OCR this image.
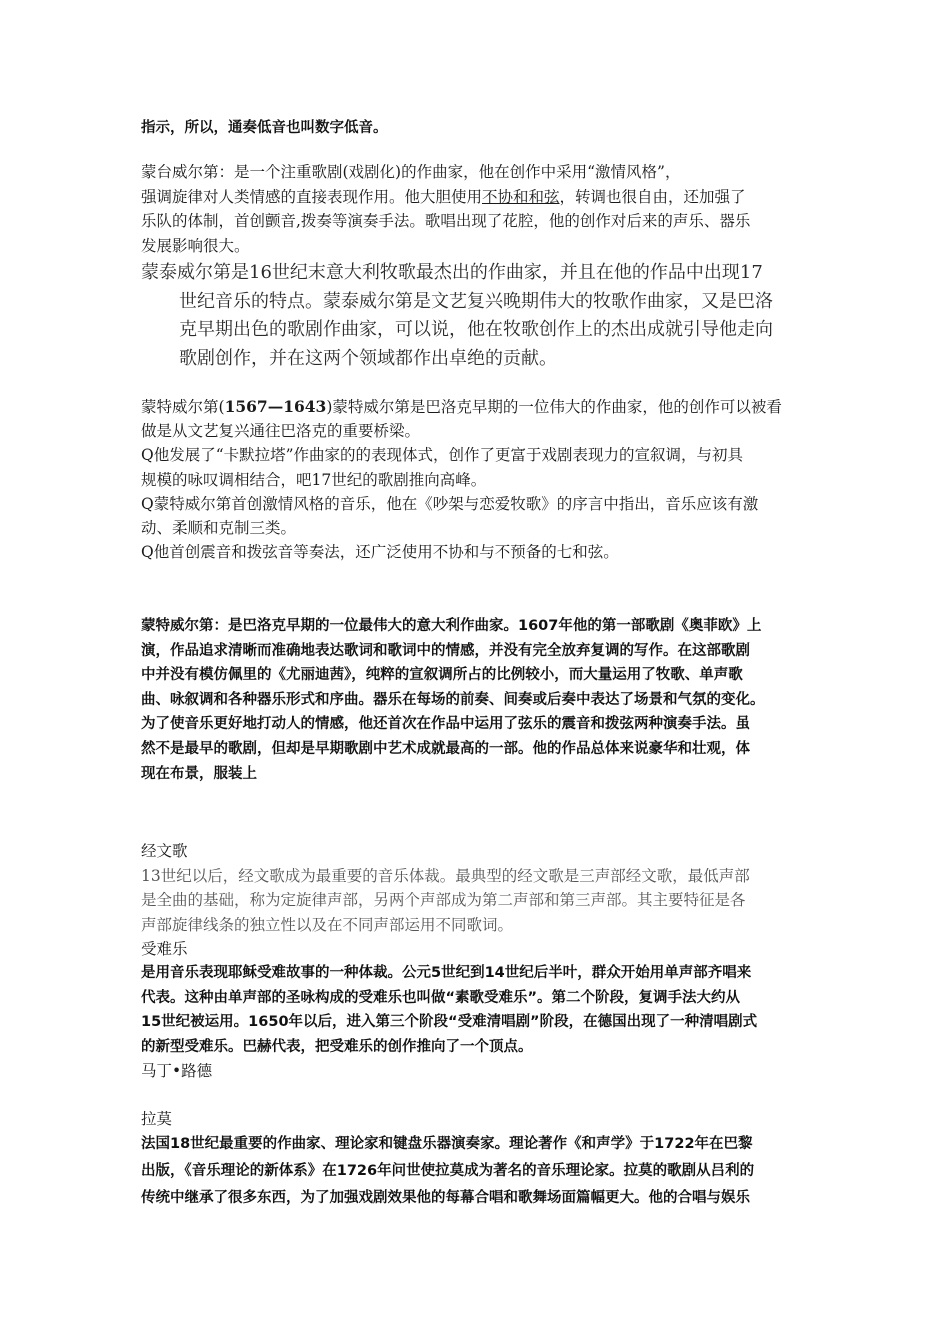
指示，所以，通奏低音也叫数字低音。

蒙台威尔第：是一个注重歌剧(戏剧化)的作曲家，他在创作中采用“激情风格”，

强调旋律对人类情感的直接表现作用。他大胆使用不协和和弦，转调也很自由，还加强了

乐队的体制，首创颤音,拨奏等演奏手法。歌唱出现了花腔，他的创作对后来的声乐、器乐

发展影响很大。

蒙泰威尔第是16世纪末意大利牧歌最杰出的作曲家，并且在他的作品中出现17

世纪音乐的特点。蒙泰威尔第是文艺复兴晚期伟大的牧歌作曲家，又是巴洛

克早期出色的歌剧作曲家，可以说，他在牧歌创作上的杰出成就引导他走向

歌剧创作，并在这两个领域都作出卓绝的贡献。

蒙特威尔第(1567—1643)蒙特威尔第是巴洛克早期的一位伟大的作曲家，他的创作可以被看

做是从文艺复兴通往巴洛克的重要桥梁。

Q他发展了“卡默拉塔”作曲家的的表现体式，创作了更富于戏剧表现力的宣叙调，与初具

规模的咏叹调相结合，吧17世纪的歌剧推向高峰。

Q蒙特威尔第首创激情风格的音乐，他在《吵架与恋爱牧歌》的序言中指出，音乐应该有激

动、柔顺和克制三类。

Q他首创震音和拨弦音等奏法，还广泛使用不协和与不预备的七和弦。

蒙特威尔第：是巴洛克早期的一位最伟大的意大利作曲家。1607年他的第一部歌剧《奥菲欧》上

演，作品追求清晰而准确地表达歌词和歌词中的情感，并没有完全放弃复调的写作。在这部歌剧

中并没有模仿佩里的《尤丽迪茜》，纯粹的宣叙调所占的比例较小，而大量运用了牧歌、单声歌

曲、咏叙调和各种器乐形式和序曲。器乐在每场的前奏、间奏或后奏中表达了场景和气氛的变化。

为了使音乐更好地打动人的情感，他还首次在作品中运用了弦乐的震音和拨弦两种演奏手法。虽

然不是最早的歌剧，但却是早期歌剧中艺术成就最高的一部。他的作品总体来说豪华和壮观，体

现在布景，服装上

经文歌

13世纪以后，经文歌成为最重要的音乐体裁。最典型的经文歌是三声部经文歌，最低声部

是全曲的基础，称为定旋律声部，另两个声部成为第二声部和第三声部。其主要特征是各

声部旋律线条的独立性以及在不同声部运用不同歌词。

受难乐

是用音乐表现耶稣受难故事的一种体裁。公元5世纪到14世纪后半叶，群众开始用单声部齐唱来

代表。这种由单声部的圣咏构成的受难乐也叫做“素歌受难乐”。第二个阶段，复调手法大约从

15世纪被运用。1650年以后，进入第三个阶段“受难清唱剧”阶段，在德国出现了一种清唱剧式

的新型受难乐。巴赫代表，把受难乐的创作推向了一个顶点。

马丁•路德

拉莫

法国18世纪最重要的作曲家、理论家和键盘乐器演奏家。理论著作《和声学》于1722年在巴黎

出版，《音乐理论的新体系》在1726年问世使拉莫成为著名的音乐理论家。拉莫的歌剧从吕利的

传统中继承了很多东西，为了加强戏剧效果他的每幕合唱和歌舞场面篇幅更大。他的合唱与娱乐
